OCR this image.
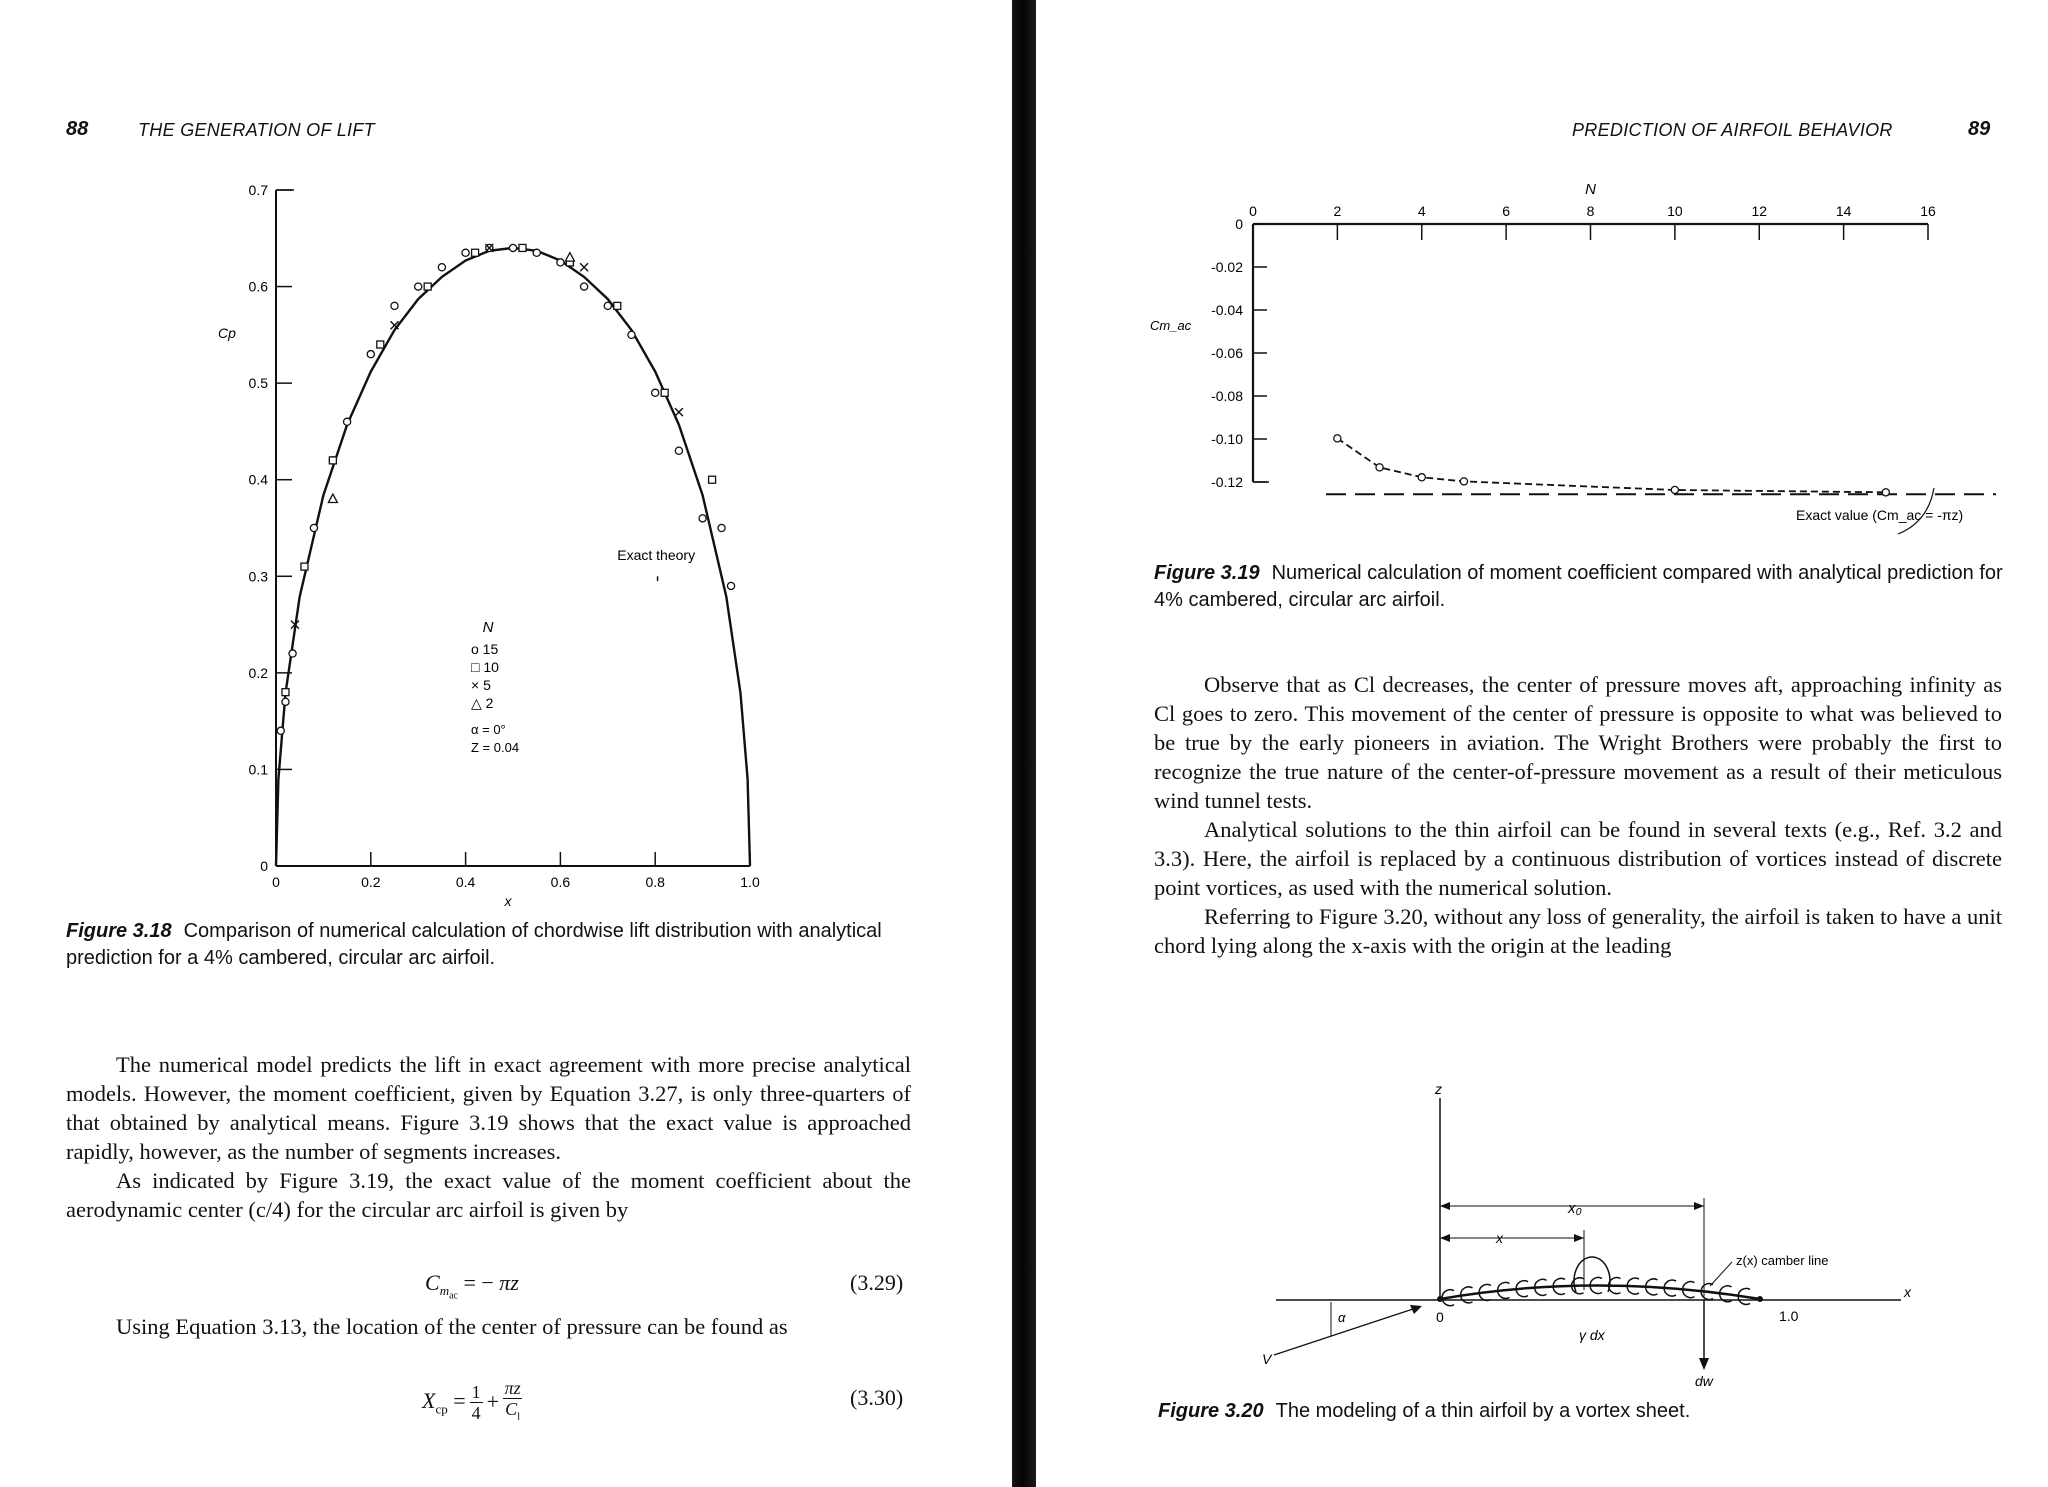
88	THE GENERATION OF LIFT
0
0.1
0.2
0.3
0.4
0.5
0.6
0.7
0	0.2	0.4	0.6	0.8	1.0
x
Cp
Exact theory
N
o 15
□ 10
× 5
△ 2
α = 0°
Z = 0.04
Figure 3.18 Comparison of numerical calculation of chordwise lift distribution with analytical prediction for a 4% cambered, circular arc airfoil.

The numerical model predicts the lift in exact agreement with more precise analytical models. However, the moment coefficient, given by Equation 3.27, is only three-quarters of that obtained by analytical means. Figure 3.19 shows that the exact value is approached rapidly, however, as the number of segments increases.

As indicated by Figure 3.19, the exact value of the moment coefficient about the aerodynamic center (c/4) for the circular arc airfoil is given by

$C_{m_{ac}}$ = − πz	(3.29)

Using Equation 3.13, the location of the center of pressure can be found as

$X_{cp} = \frac{1}{4} + \frac{\pi z}{C_l}$	(3.30)
PREDICTION OF AIRFOIL BEHAVIOR	89
0	2	4	6	8	10	12	14	16
0
-0.02
-0.04
-0.06
-0.08
-0.10
-0.12
N
Cm_ac
Exact value (Cm_ac = -πz)
Figure 3.19 Numerical calculation of moment coefficient compared with analytical prediction for 4% cambered, circular arc airfoil.

Observe that as Cl decreases, the center of pressure moves aft, approaching infinity as Cl goes to zero. This movement of the center of pressure is opposite to what was believed to be true by the early pioneers in aviation. The Wright Brothers were probably the first to recognize the true nature of the center-of-pressure movement as a result of their meticulous wind tunnel tests.

Analytical solutions to the thin airfoil can be found in several texts (e.g., Ref. 3.2 and 3.3). Here, the airfoil is replaced by a continuous distribution of vortices instead of discrete point vortices, as used with the numerical solution.

Referring to Figure 3.20, without any loss of generality, the airfoil is taken to have a unit chord lying along the x-axis with the origin at the leading

z
x
x₀
x
dw
γ dx
z(x) camber line
0	1.0
V
α
Figure 3.20 The modeling of a thin airfoil by a vortex sheet.
